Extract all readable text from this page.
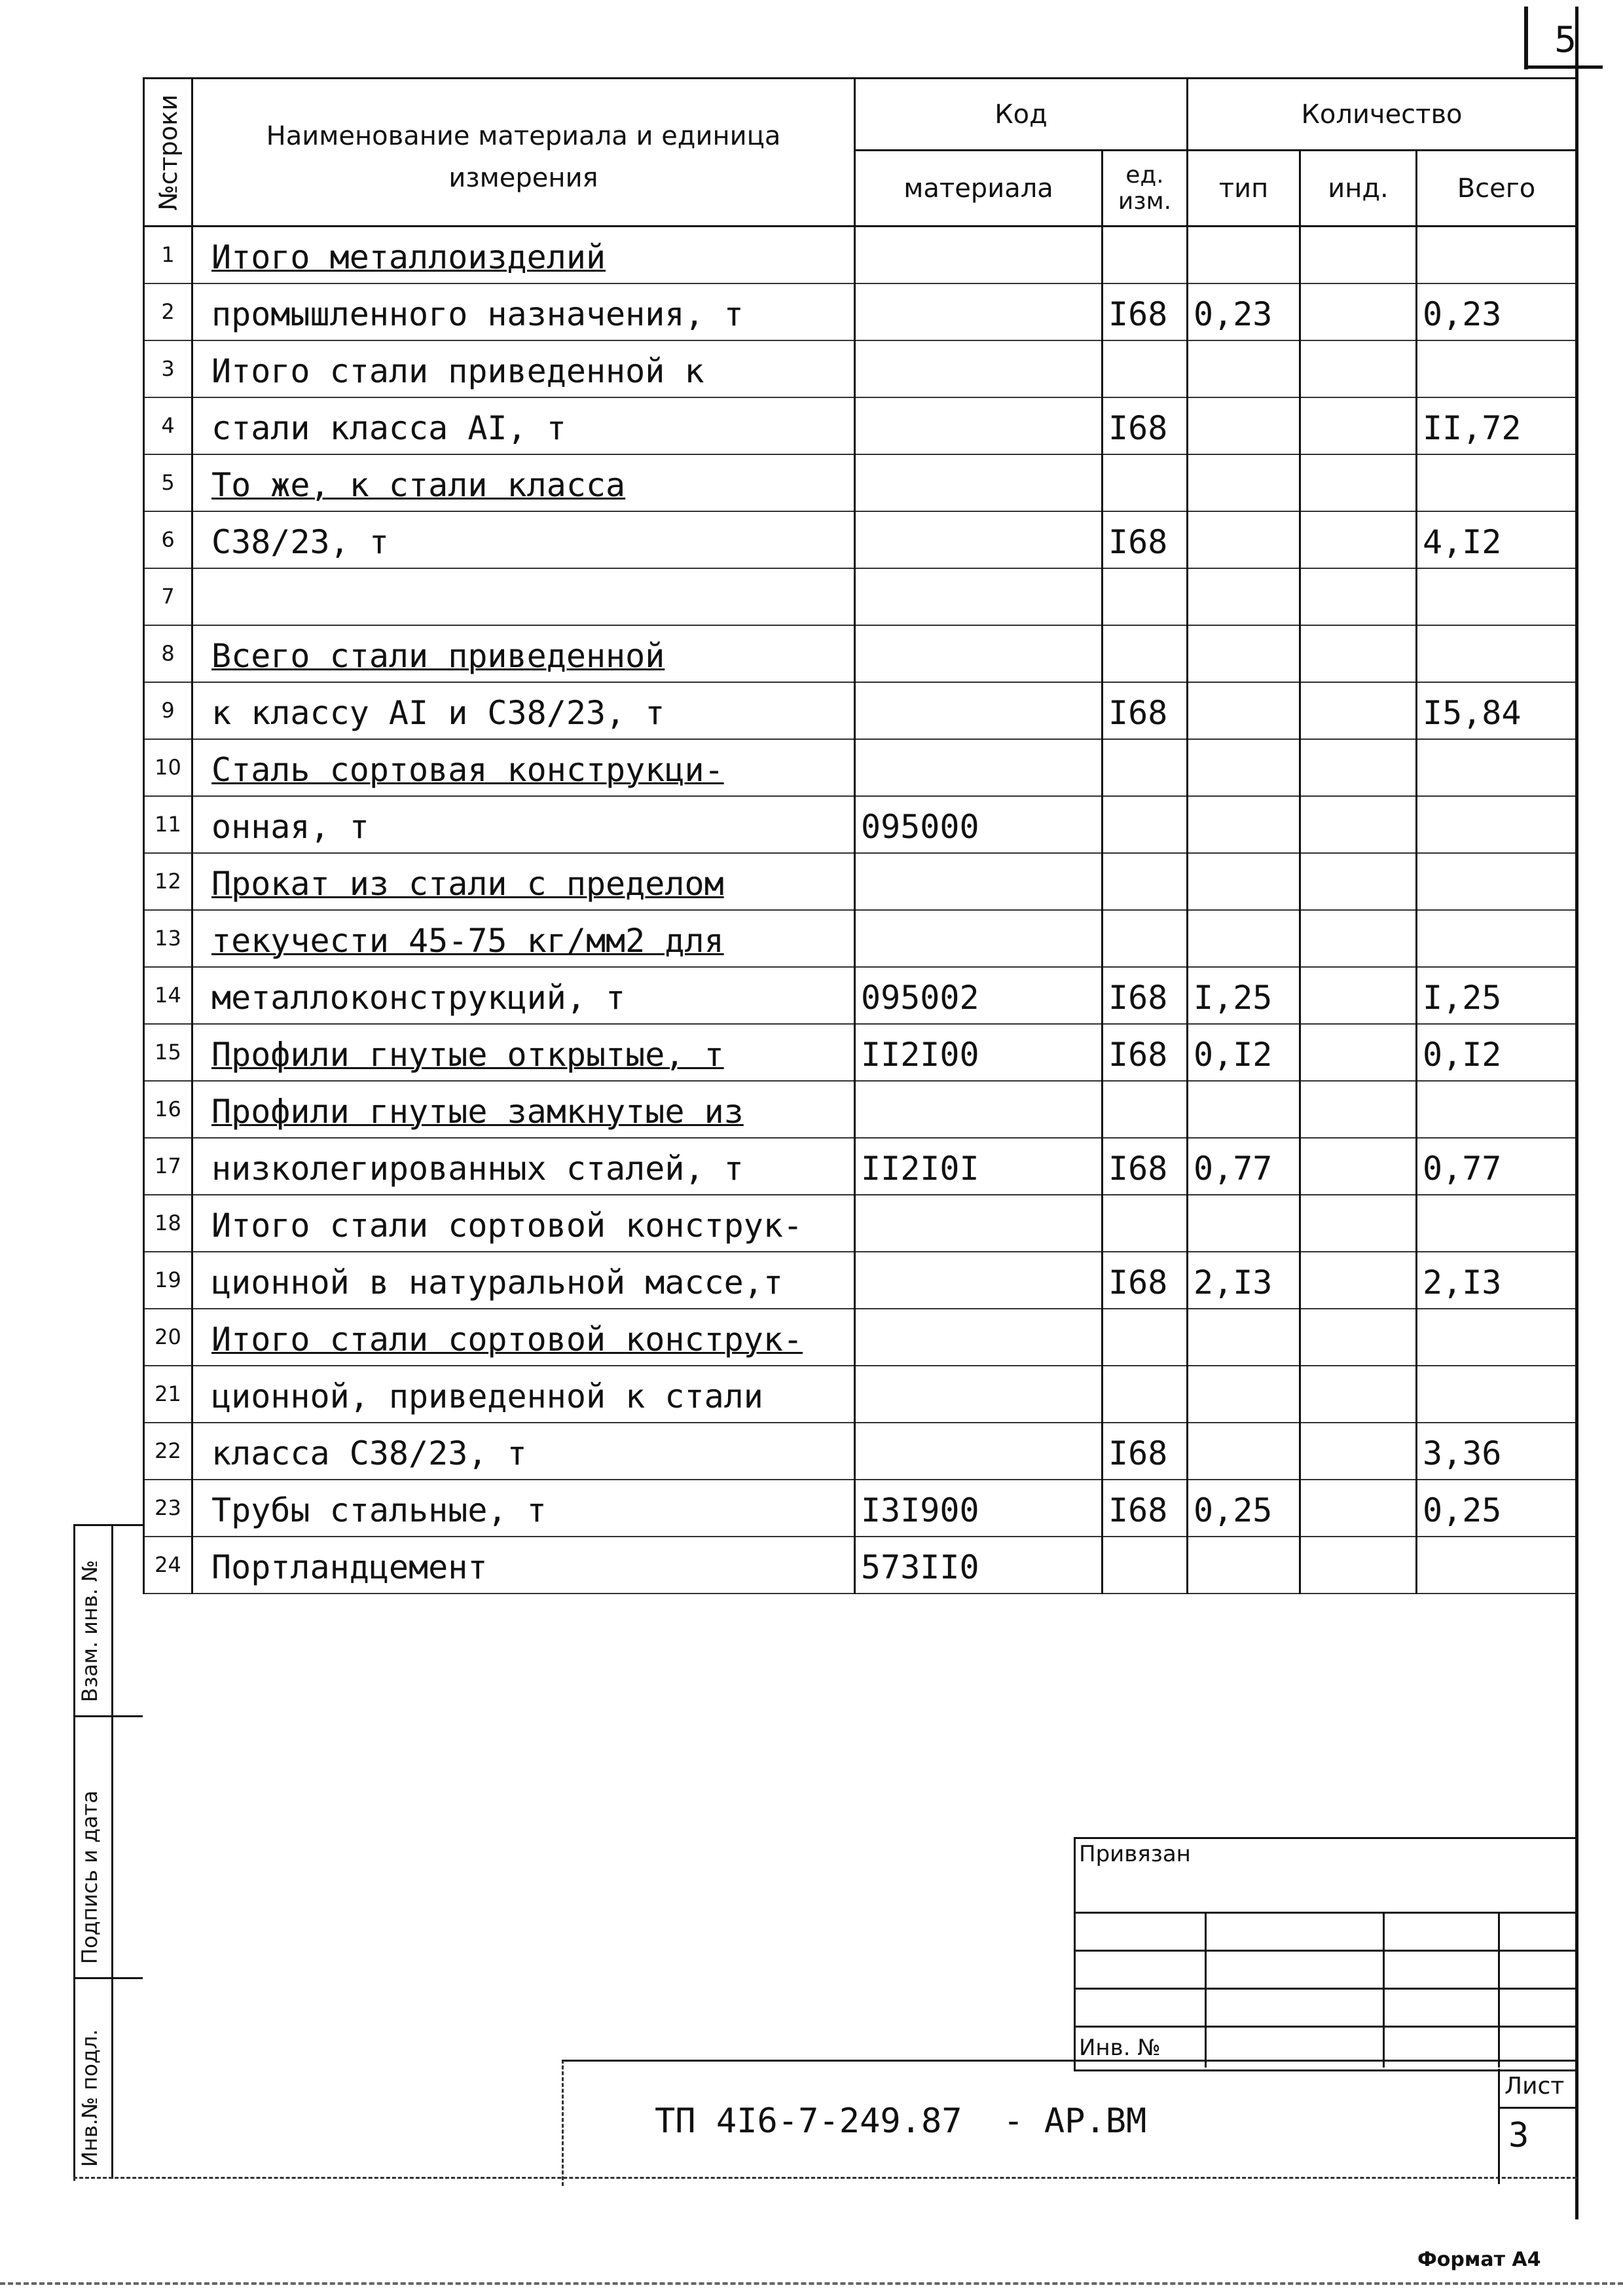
5
№строки	Наименование материала и единица измерения	Код		Количество		
		материала	ед. изм.	тип	инд.	Всего
1	Итого металлоизделий					
2	промышленного назначения, т		I68	0,23		0,23
3	Итого стали приведенной к					
4	стали класса AI, т		I68			II,72
5	То же, к стали класса					
6	С38/23, т		I68			4,I2
7						
8	Всего стали приведенной					
9	к классу AI и С38/23, т		I68			I5,84
10	Сталь сортовая конструкци-					
11	онная, т	095000				
12	Прокат из стали с пределом					
13	текучести 45-75 кг/мм2 для					
14	металлоконструкций, т	095002	I68	I,25		I,25
15	Профили гнутые открытые, т	II2I00	I68	0,I2		0,I2
16	Профили гнутые замкнутые из					
17	низколегированных сталей, т	II2I0I	I68	0,77		0,77
18	Итого стали сортовой конструк-					
19	ционной в натуральной массе,т		I68	2,I3		2,I3
20	Итого стали сортовой конструк-					
21	ционной, приведенной к стали					
22	класса С38/23, т		I68			3,36
23	Трубы стальные, т	I3I900	I68	0,25		0,25
24	Портландцемент	573II0				
Взам. инв. №
Подпись и дата
Инв.№ подл.
Привязан
Инв. №
ТП 4I6-7-249.87  - АР.ВМ
Лист
3
Формат А4
